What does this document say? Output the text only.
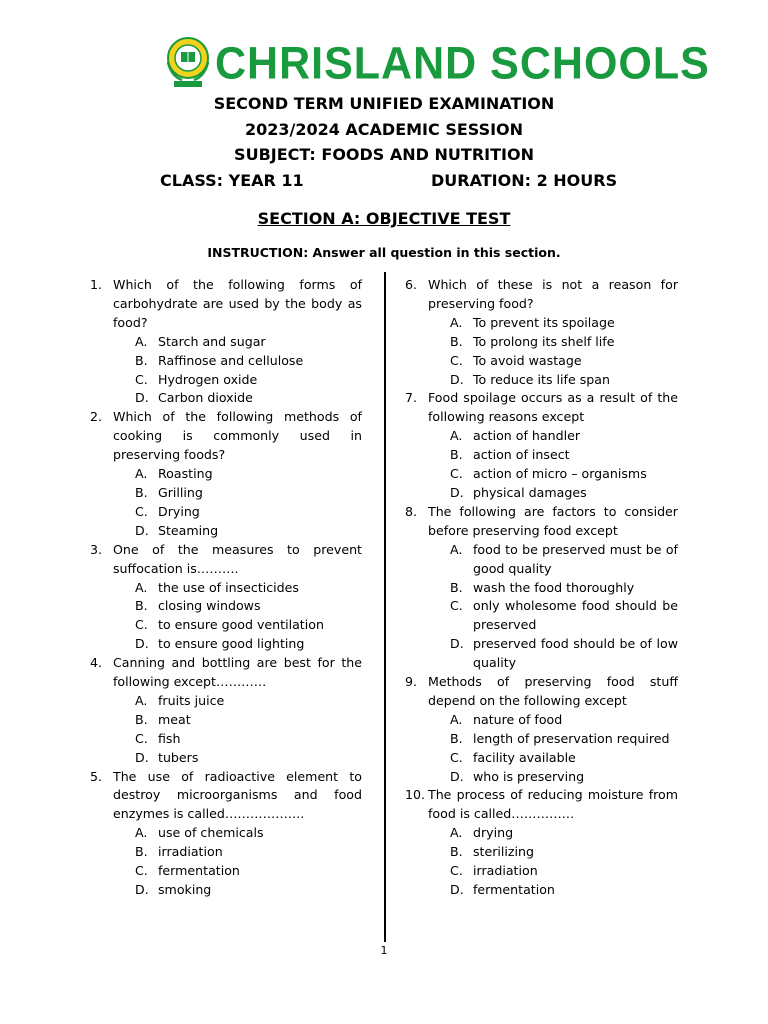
CHRISLAND SCHOOLS
SECOND TERM UNIFIED EXAMINATION
2023/2024 ACADEMIC SESSION
SUBJECT: FOODS AND NUTRITION
CLASS: YEAR 11	DURATION: 2 HOURS
SECTION A: OBJECTIVE TEST
INSTRUCTION: Answer all question in this section.
1. Which of the following forms of carbohydrate are used by the body as food?
A. Starch and sugar
B. Raffinose and cellulose
C. Hydrogen oxide
D. Carbon dioxide
2. Which of the following methods of cooking is commonly used in preserving foods?
A. Roasting
B. Grilling
C. Drying
D. Steaming
3. One of the measures to prevent suffocation is……….
A. the use of insecticides
B. closing windows
C. to ensure good ventilation
D. to ensure good lighting
4. Canning and bottling are best for the following except…………
A. fruits juice
B. meat
C. fish
D. tubers
5. The use of radioactive element to destroy microorganisms and food enzymes is called……………….
A. use of chemicals
B. irradiation
C. fermentation
D. smoking
6. Which of these is not a reason for preserving food?
A. To prevent its spoilage
B. To prolong its shelf life
C. To avoid wastage
D. To reduce its life span
7. Food spoilage occurs as a result of the following reasons except
A. action of handler
B. action of insect
C. action of micro – organisms
D. physical damages
8. The following are factors to consider before preserving food except
A. food to be preserved must be of good quality
B. wash the food thoroughly
C. only wholesome food should be preserved
D. preserved food should be of low quality
9. Methods of preserving food stuff depend on the following except
A. nature of food
B. length of preservation required
C. facility available
D. who is preserving
10. The process of reducing moisture from food is called……………
A. drying
B. sterilizing
C. irradiation
D. fermentation
1
